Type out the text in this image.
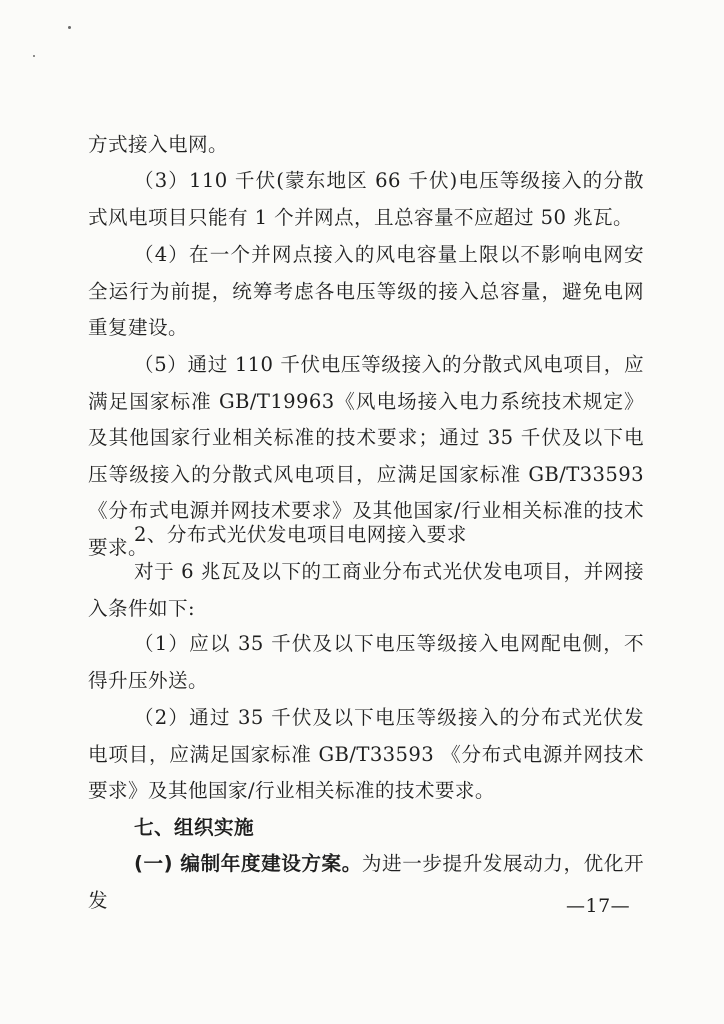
方式接入电网。

（3）110 千伏(蒙东地区 66 千伏)电压等级接入的分散式风电项目只能有 1 个并网点，且总容量不应超过 50 兆瓦。

（4）在一个并网点接入的风电容量上限以不影响电网安全运行为前提，统筹考虑各电压等级的接入总容量，避免电网重复建设。

（5）通过 110 千伏电压等级接入的分散式风电项目，应满足国家标准 GB/T19963《风电场接入电力系统技术规定》及其他国家行业相关标准的技术要求；通过 35 千伏及以下电压等级接入的分散式风电项目，应满足国家标准 GB/T33593《分布式电源并网技术要求》及其他国家/行业相关标准的技术要求。

2、分布式光伏发电项目电网接入要求

对于 6 兆瓦及以下的工商业分布式光伏发电项目，并网接入条件如下:

（1）应以 35 千伏及以下电压等级接入电网配电侧，不得升压外送。

（2）通过 35 千伏及以下电压等级接入的分布式光伏发电项目，应满足国家标准 GB/T33593 《分布式电源并网技术要求》及其他国家/行业相关标准的技术要求。

七、组织实施

(一) 编制年度建设方案。为进一步提升发展动力，优化开发	—17—
